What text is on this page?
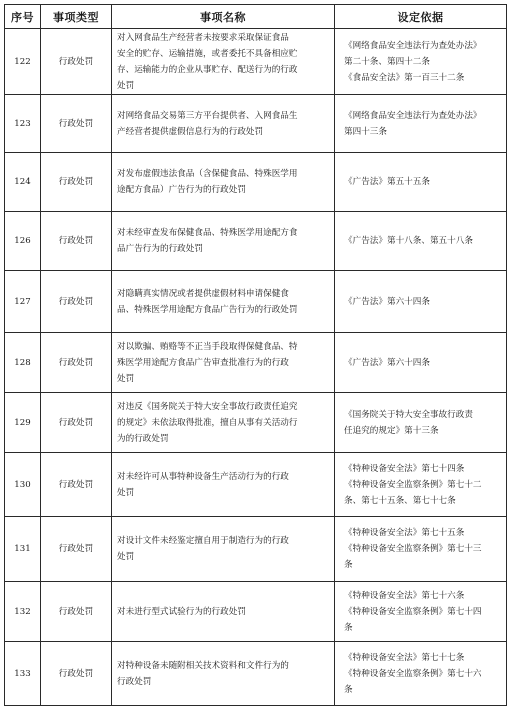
序号	事项类型	事项名称	设定依据
122	行政处罚	对入网食品生产经营者未按要求采取保证食品
安全的贮存、运输措施，或者委托不具备相应贮
存、运输能力的企业从事贮存、配送行为的行政
处罚	《网络食品安全违法行为查处办法》
第二十条、第四十二条
《食品安全法》第一百三十二条

123	行政处罚	对网络食品交易第三方平台提供者、入网食品生
产经营者提供虚假信息行为的行政处罚	《网络食品安全违法行为查处办法》
第四十三条

124	行政处罚	对发布虚假违法食品（含保健食品、特殊医学用
途配方食品）广告行为的行政处罚	《广告法》第五十五条

126	行政处罚	对未经审查发布保健食品、特殊医学用途配方食
品广告行为的行政处罚	《广告法》第十八条、第五十八条

127	行政处罚	对隐瞒真实情况或者提供虚假材料申请保健食
品、特殊医学用途配方食品广告行为的行政处罚	《广告法》第六十四条

128	行政处罚	对以欺骗、贿赂等不正当手段取得保健食品、特
殊医学用途配方食品广告审查批准行为的行政
处罚	《广告法》第六十四条

129	行政处罚	对违反《国务院关于特大安全事故行政责任追究
的规定》未依法取得批准，擅自从事有关活动行
为的行政处罚	《国务院关于特大安全事故行政责
任追究的规定》第十三条

130	行政处罚	对未经许可从事特种设备生产活动行为的行政
处罚	《特种设备安全法》第七十四条
《特种设备安全监察条例》第七十二
条、第七十五条、第七十七条

131	行政处罚	对设计文件未经鉴定擅自用于制造行为的行政
处罚	《特种设备安全法》第七十五条
《特种设备安全监察条例》第七十三
条

132	行政处罚	对未进行型式试验行为的行政处罚	《特种设备安全法》第七十六条
《特种设备安全监察条例》第七十四
条

133	行政处罚	对特种设备未随附相关技术资料和文件行为的
行政处罚	《特种设备安全法》第七十七条
《特种设备安全监察条例》第七十六
条
